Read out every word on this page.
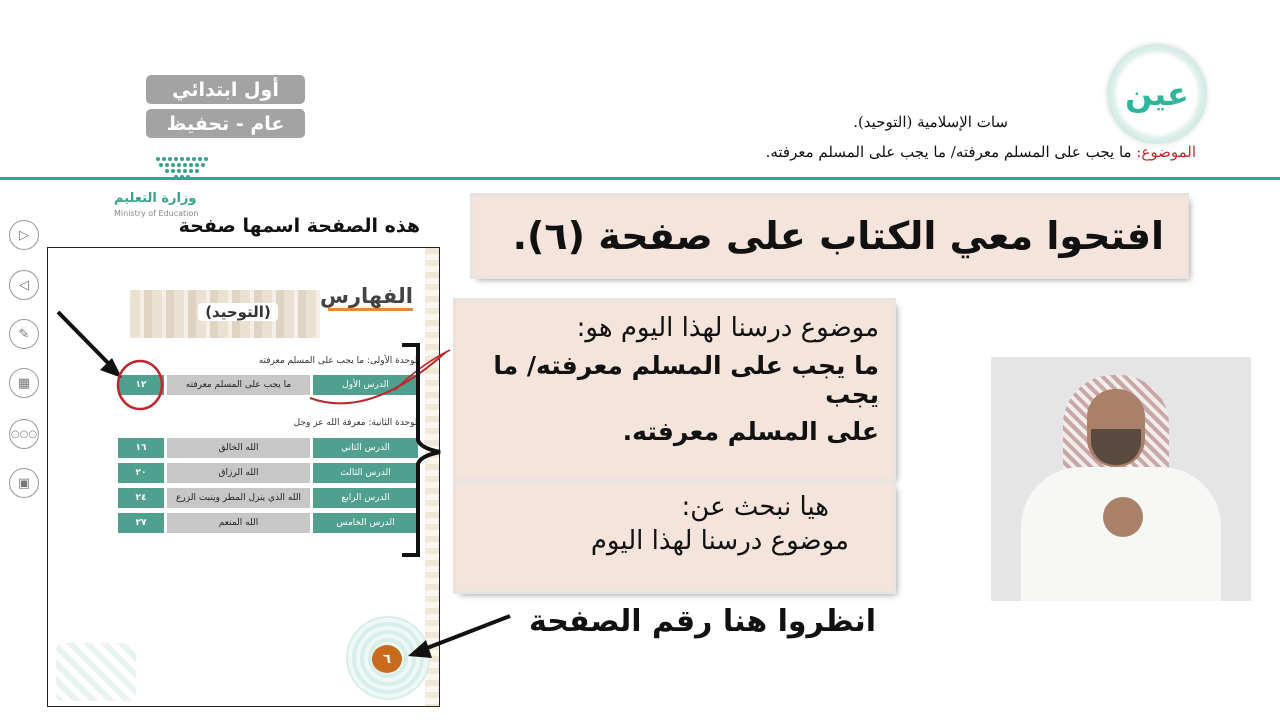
أول ابتدائي
عام - تحفيظ
وزارة التعليم
Ministry of Education
سات الإسلامية (التوحيد).
الموضوع: ما يجب على المسلم معرفته/ ما يجب على المسلم معرفته.
عين
▷
◁
✎
▦
○○○
▣
هذه الصفحة اسمها صفحة
(التوحيد)
الفهارس
الوحدة الأولى: ما يجب على المسلم معرفته
١٢	ما يجب على المسلم معرفته	الدرس الأول
الوحدة الثانية: معرفة الله عز وجل
١٦	الله الخالق	الدرس الثاني
٢٠	الله الرزاق	الدرس الثالث
٢٤	الله الذي ينزل المطر وينبت الزرع	الدرس الرابع
٢٧	الله المنعم	الدرس الخامس
٦
افتحوا معي الكتاب على صفحة (٦).
موضوع درسنا لهذا اليوم هو:
ما يجب على المسلم معرفته/ ما يجب
على المسلم معرفته.
هيا نبحث عن:
موضوع درسنا لهذا اليوم
انظروا هنا رقم الصفحة
